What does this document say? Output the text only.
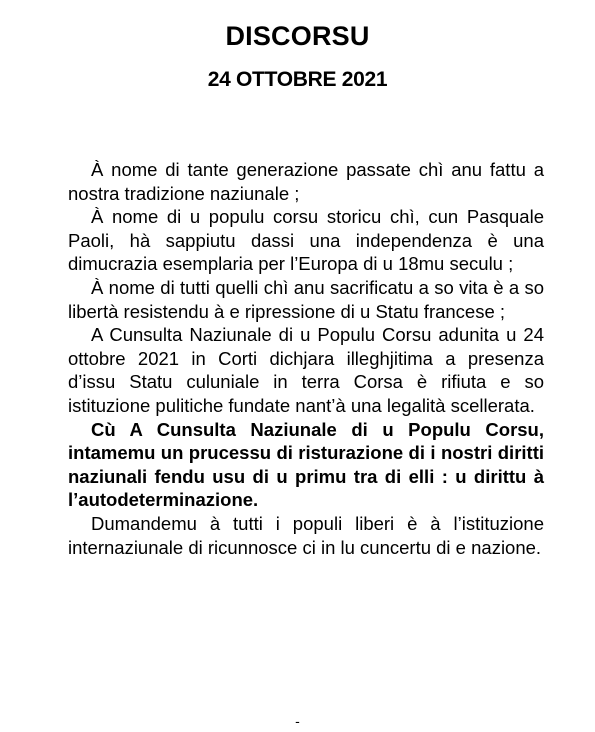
DISCORSU
24 OTTOBRE 2021

À nome di tante generazione passate chì anu fattu a nostra tradizione naziunale ;

À nome di u populu corsu storicu chì, cun Pasquale Paoli, hà sappiutu dassi una independenza è una dimucrazia esemplaria per l’Europa di u 18mu seculu ;

À nome di tutti quelli chì anu sacrificatu a so vita è a so libertà resistendu à e ripressione di u Statu francese ;

A Cunsulta Naziunale di u Populu Corsu adunita u 24 ottobre 2021 in Corti dichjara illeghjitima a presenza d’issu Statu culuniale in terra Corsa è rifiuta e so istituzione pulitiche fundate nant’à una legalità scellerata.

Cù A Cunsulta Naziunale di u Populu Corsu, intamemu un prucessu di risturazione di i nostri diritti naziunali fendu usu di u primu tra di elli : u dirittu à l’autodeterminazione.

Dumandemu à tutti i populi liberi è à l’istituzione internaziunale di ricunnosce ci in lu cuncertu di e nazione.

-
